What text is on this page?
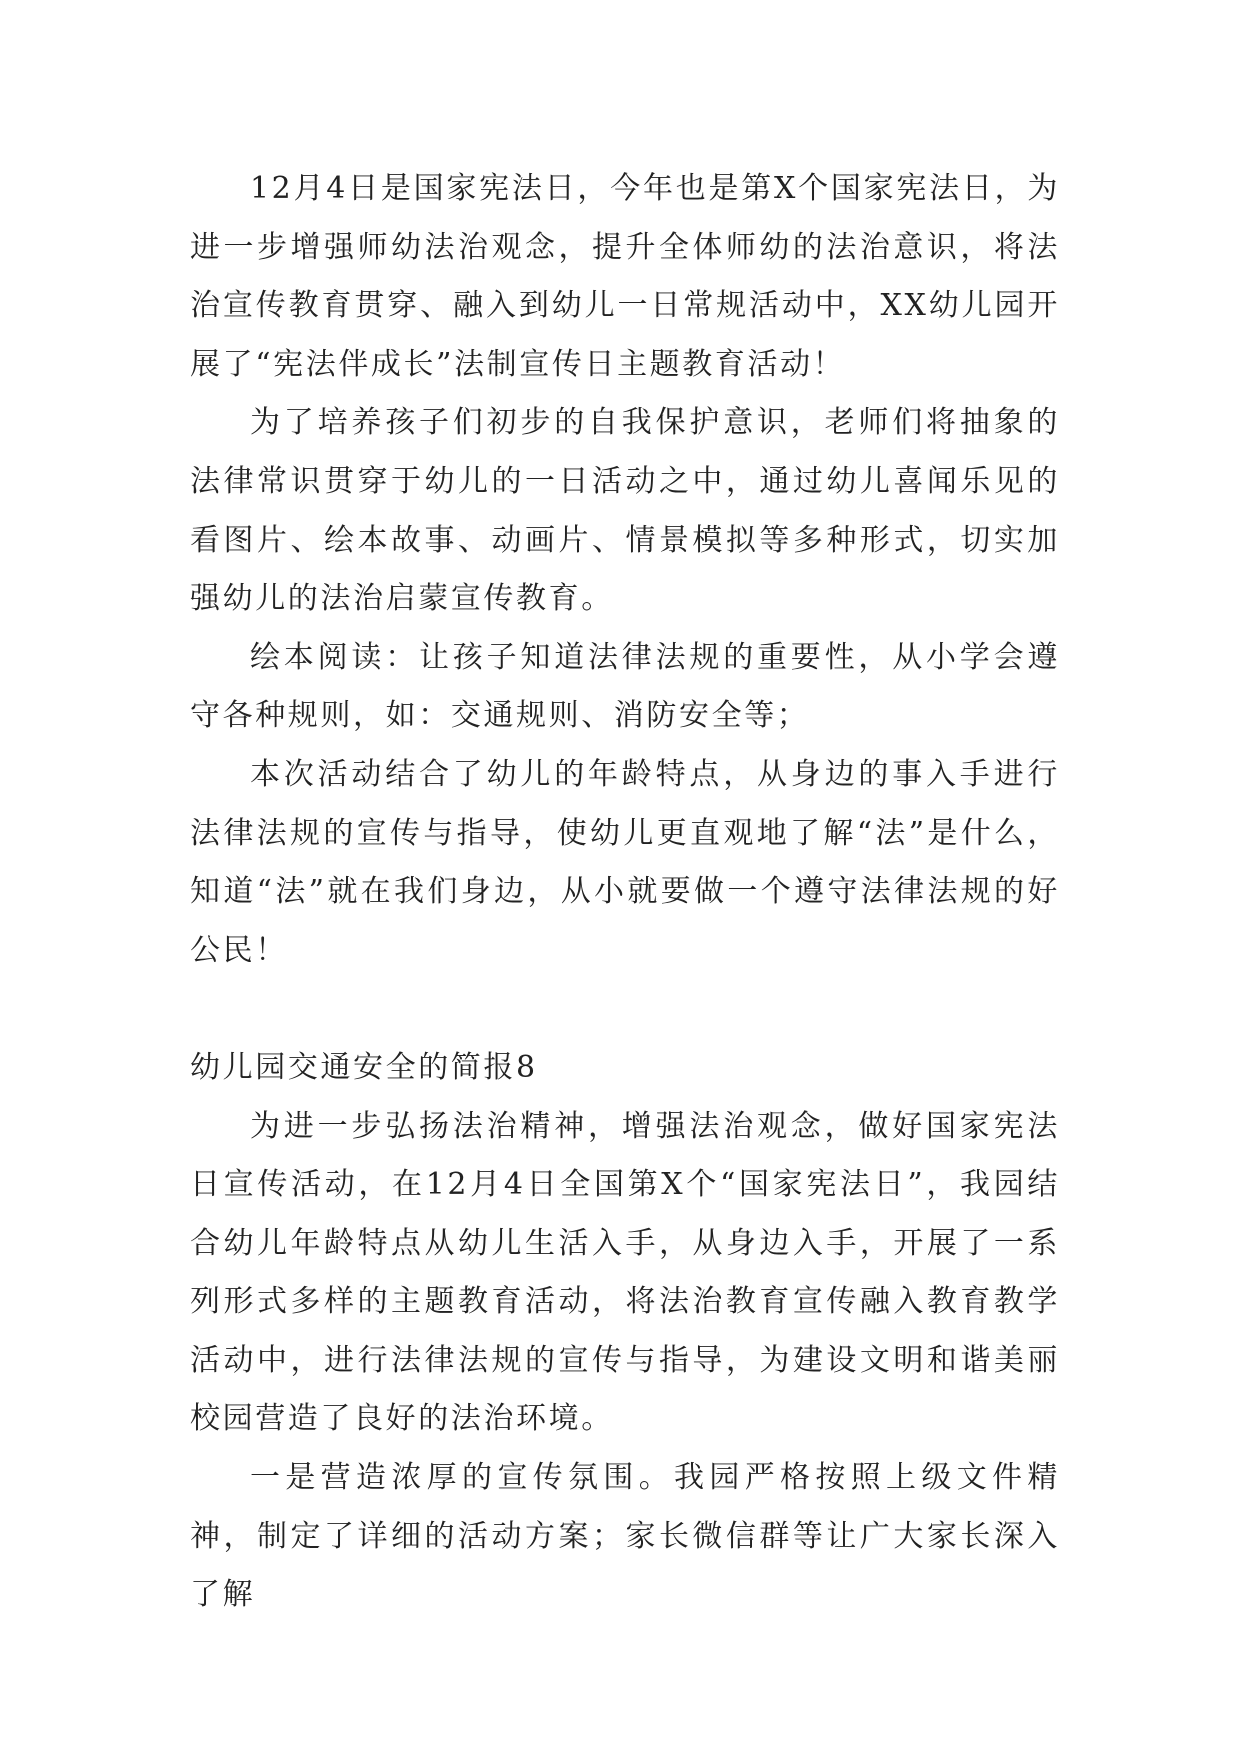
12月4日是国家宪法日，今年也是第X个国家宪法日，为进一步增强师幼法治观念，提升全体师幼的法治意识，将法治宣传教育贯穿、融入到幼儿一日常规活动中，XX幼儿园开展了“宪法伴成长”法制宣传日主题教育活动！

为了培养孩子们初步的自我保护意识，老师们将抽象的法律常识贯穿于幼儿的一日活动之中，通过幼儿喜闻乐见的看图片、绘本故事、动画片、情景模拟等多种形式，切实加强幼儿的法治启蒙宣传教育。

绘本阅读：让孩子知道法律法规的重要性，从小学会遵守各种规则，如：交通规则、消防安全等；

本次活动结合了幼儿的年龄特点，从身边的事入手进行法律法规的宣传与指导，使幼儿更直观地了解“法”是什么，知道“法”就在我们身边，从小就要做一个遵守法律法规的好公民！

幼儿园交通安全的简报8

为进一步弘扬法治精神，增强法治观念，做好国家宪法日宣传活动，在12月4日全国第X个“国家宪法日”，我园结合幼儿年龄特点从幼儿生活入手，从身边入手，开展了一系列形式多样的主题教育活动，将法治教育宣传融入教育教学活动中，进行法律法规的宣传与指导，为建设文明和谐美丽校园营造了良好的法治环境。

一是营造浓厚的宣传氛围。我园严格按照上级文件精神，制定了详细的活动方案；家长微信群等让广大家长深入了解
